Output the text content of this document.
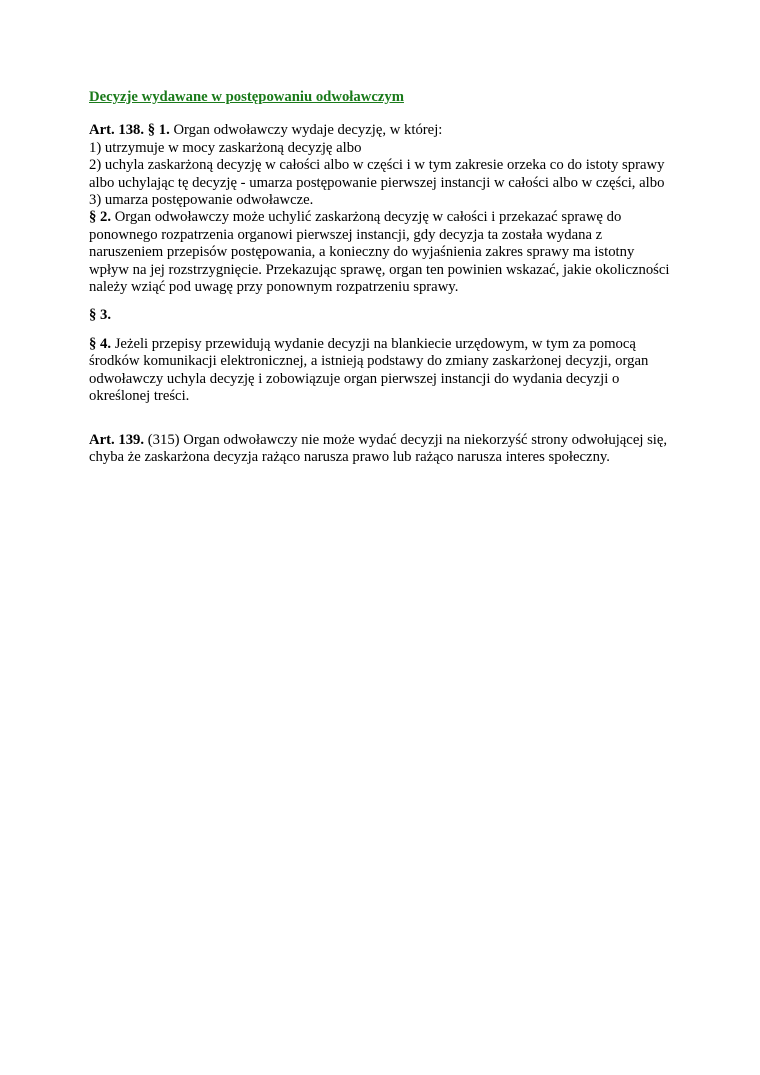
Decyzje wydawane w postępowaniu odwoławczym

Art. 138. § 1. Organ odwoławczy wydaje decyzję, w której:

1) utrzymuje w mocy zaskarżoną decyzję albo

2) uchyla zaskarżoną decyzję w całości albo w części i w tym zakresie orzeka co do istoty sprawy albo uchylając tę decyzję - umarza postępowanie pierwszej instancji w całości albo w części, albo

3) umarza postępowanie odwoławcze.

§ 2. Organ odwoławczy może uchylić zaskarżoną decyzję w całości i przekazać sprawę do ponownego rozpatrzenia organowi pierwszej instancji, gdy decyzja ta została wydana z naruszeniem przepisów postępowania, a konieczny do wyjaśnienia zakres sprawy ma istotny wpływ na jej rozstrzygnięcie. Przekazując sprawę, organ ten powinien wskazać, jakie okoliczności należy wziąć pod uwagę przy ponownym rozpatrzeniu sprawy.

§ 3.

§ 4. Jeżeli przepisy przewidują wydanie decyzji na blankiecie urzędowym, w tym za pomocą środków komunikacji elektronicznej, a istnieją podstawy do zmiany zaskarżonej decyzji, organ odwoławczy uchyla decyzję i zobowiązuje organ pierwszej instancji do wydania decyzji o określonej treści.

Art. 139. (315) Organ odwoławczy nie może wydać decyzji na niekorzyść strony odwołującej się, chyba że zaskarżona decyzja rażąco narusza prawo lub rażąco narusza interes społeczny.
